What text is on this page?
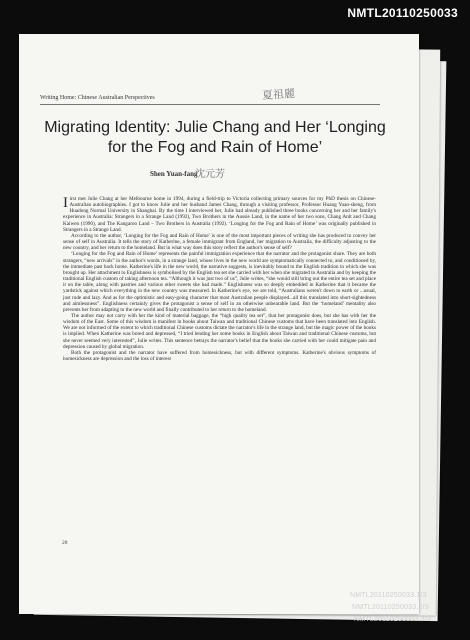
NMTL20110250033
Writing Home: Chinese Australian Perspectives	夏祖麗
Migrating Identity: Julie Chang and Her ‘Longing for the Fog and Rain of Home’
Shen Yuan-fang
沈元芳

Iirst met Julie Chang at her Melbourne home in 1994, during a field-trip to Victoria collecting primary sources for my PhD thesis on Chinese-Australian autobiographies. I got to know Julie and her husband James Chang, through a visiting professor, Professor Huang Yuan-sheng, from Huadong Normal University in Shanghai. By the time I interviewed her, Julie had already published three books concerning her and her family's experience in Australia: Strangers in a Strange Land (1992), Two Brothers in the Aussie Land, in the name of her two sons, Chang Anlt and Chang Kaiwen (1990), and The Kangaroo Land – Two Brothers in Australia (1992). ‘Longing for the Fog and Rain of Home’ was originally published in Strangers in a Strange Land.

According to the author, ‘Longing for the Fog and Rain of Home’ is one of the most important pieces of writing she has produced to convey her sense of self in Australia. It tells the story of Katherine, a female immigrant from England, her migration to Australia, the difficulty adjusting to the new country, and her return to the homeland. But in what way does this story reflect the author's sense of self?

‘Longing for the Fog and Rain of Home’ represents the painful immigration experience that the narrator and the protagonist share. They are both strangers, “new arrivals” in the author's words, in a strange land, whose lives in the new world are symptomatically connected to, and conditioned by, the immediate past back home. Katherine's life in the new world, the narrative suggests, is inevitably bound to the English tradition in which she was brought up. Her attachment to Englishness is symbolised by the English tea set she carried with her when she migrated to Australia and by keeping the traditional English custom of taking afternoon tea. “Although it was just two of us”, Julie writes, “she would still bring out the entire tea set and place it on the table, along with pastries and various other sweets she had made.” Englishness was so deeply embedded in Katherine that it became the yardstick against which everything in the new country was measured. In Katherine's eye, we are told, “Australians weren't down to earth or ...usual, just rude and lazy. And as for the optimistic and easy-going character that most Australian people displayed...all this translated into short-sightedness and aimlessness”. Englishness certainly gives the protagonist a sense of self in an otherwise unbearable land. But the ‘homeland’ mentality also prevents her from adapting to the new world and finally contributed to her return to the homeland.

The author may not carry with her the kind of material baggage, the “high quality tea set”, that her protagonist does, but she has with her the wisdom of the East. Some of this wisdom is manifest in books about Taiwan and traditional Chinese customs that have been translated into English. We are not informed of the extent to which traditional Chinese customs dictate the narrator's life in the strange land, but the magic power of the books is implied. When Katherine was bored and depressed, “I tried lending her some books in English about Taiwan and traditional Chinese customs, but she never seemed very interested”, Julie writes. This sentence betrays the narrator's belief that the books she carried with her could mitigate pain and depression caused by global migration.

Both the protagonist and the narrator have suffered from homesickness, but with different symptoms. Katherine's obvious symptoms of homesickness are depression and the loss of interest

28
NMTL20110250033.1/3
NMTL20110250033.2/3
NMTL20110250033.3/3
